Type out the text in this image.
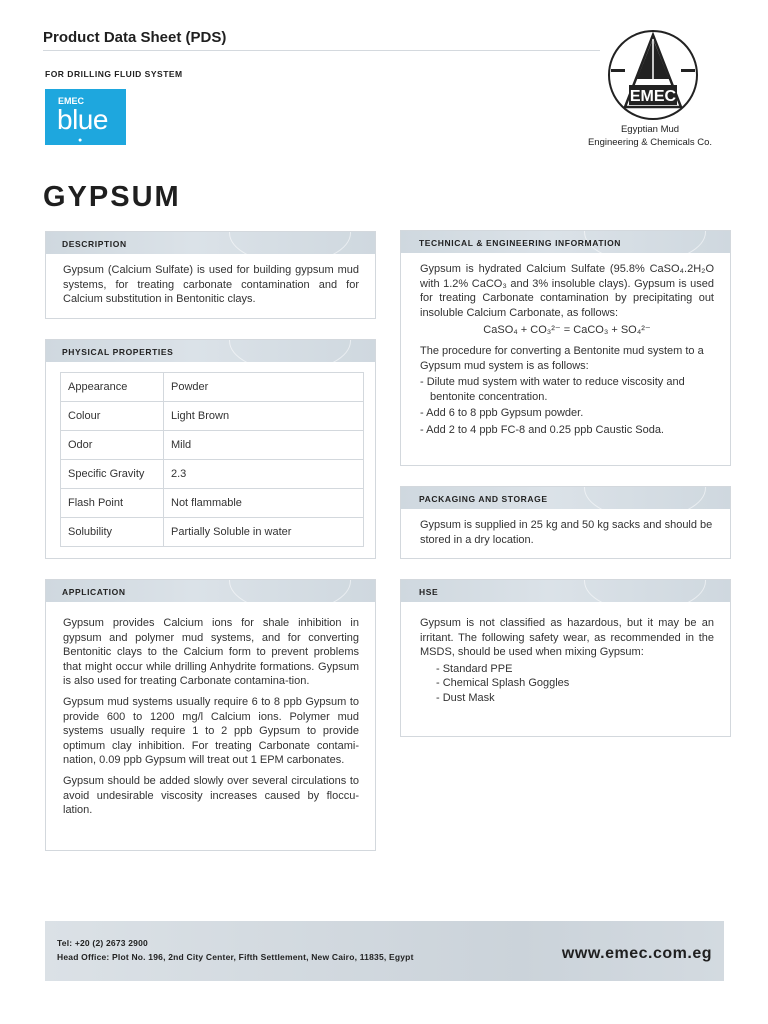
Product Data Sheet (PDS)
FOR DRILLING FLUID SYSTEM
EMEC
blue
●
EMEC
Egyptian Mud
Engineering & Chemicals Co.
GYPSUM
DESCRIPTION

Gypsum (Calcium Sulfate) is used for building gypsum mud systems, for treating carbonate contamination and for Calcium substitution in Bentonitic clays.

PHYSICAL PROPERTIES
Appearance	Powder
Colour	Light Brown
Odor	Mild
Specific Gravity	2.3
Flash Point	Not flammable
Solubility	Partially Soluble in water
APPLICATION

Gypsum provides Calcium ions for shale inhibition in gypsum and polymer mud systems, and for converting Bentonitic clays to the Calcium form to prevent problems that might occur while drilling Anhydrite formations. Gypsum is also used for treating Carbonate contamina-tion.

Gypsum mud systems usually require 6 to 8 ppb Gypsum to provide 600 to 1200 mg/l Calcium ions. Polymer mud systems usually require 1 to 2 ppb Gypsum to provide optimum clay inhibition. For treating Carbonate contami-nation, 0.09 ppb Gypsum will treat out 1 EPM carbonates.

Gypsum should be added slowly over several circulations to avoid undesirable viscosity increases caused by floccu-lation.

TECHNICAL & ENGINEERING INFORMATION

Gypsum is hydrated Calcium Sulfate (95.8% CaSO₄.2H₂O with 1.2% CaCO₃ and 3% insoluble clays). Gypsum is used for treating Carbonate contamination by precipitating out insoluble Calcium Carbonate, as follows:

CaSO₄ + CO₃²⁻ = CaCO₃ + SO₄²⁻

The procedure for converting a Bentonite mud system to a Gypsum mud system is as follows:

- Dilute mud system with water to reduce viscosity and bentonite concentration.
- Add 6 to 8 ppb Gypsum powder.
- Add 2 to 4 ppb FC-8 and 0.25 ppb Caustic Soda.
PACKAGING AND STORAGE

Gypsum is supplied in 25 kg and 50 kg sacks and should be stored in a dry location.

HSE

Gypsum is not classified as hazardous, but it may be an irritant. The following safety wear, as recommended in the MSDS, should be used when mixing Gypsum:

- Standard PPE
- Chemical Splash Goggles
- Dust Mask
Tel: +20 (2) 2673 2900
Head Office: Plot No. 196, 2nd City Center, Fifth Settlement, New Cairo, 11835, Egypt	www.emec.com.eg
